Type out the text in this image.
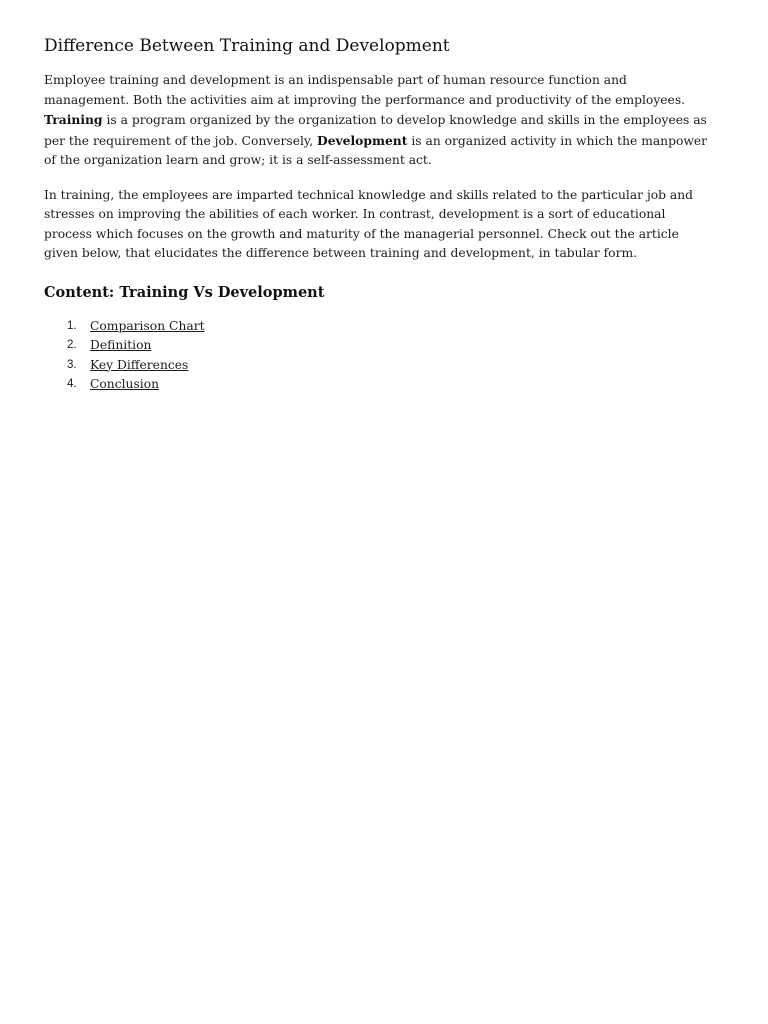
Difference Between Training and Development

Employee training and development is an indispensable part of human resource function and management. Both the activities aim at improving the performance and productivity of the employees. Training is a program organized by the organization to develop knowledge and skills in the employees as per the requirement of the job. Conversely, Development is an organized activity in which the manpower of the organization learn and grow; it is a self-assessment act.

In training, the employees are imparted technical knowledge and skills related to the particular job and stresses on improving the abilities of each worker. In contrast, development is a sort of educational process which focuses on the growth and maturity of the managerial personnel. Check out the article given below, that elucidates the difference between training and development, in tabular form.

Content: Training Vs Development
1. Comparison Chart
2. Definition
3. Key Differences
4. Conclusion
